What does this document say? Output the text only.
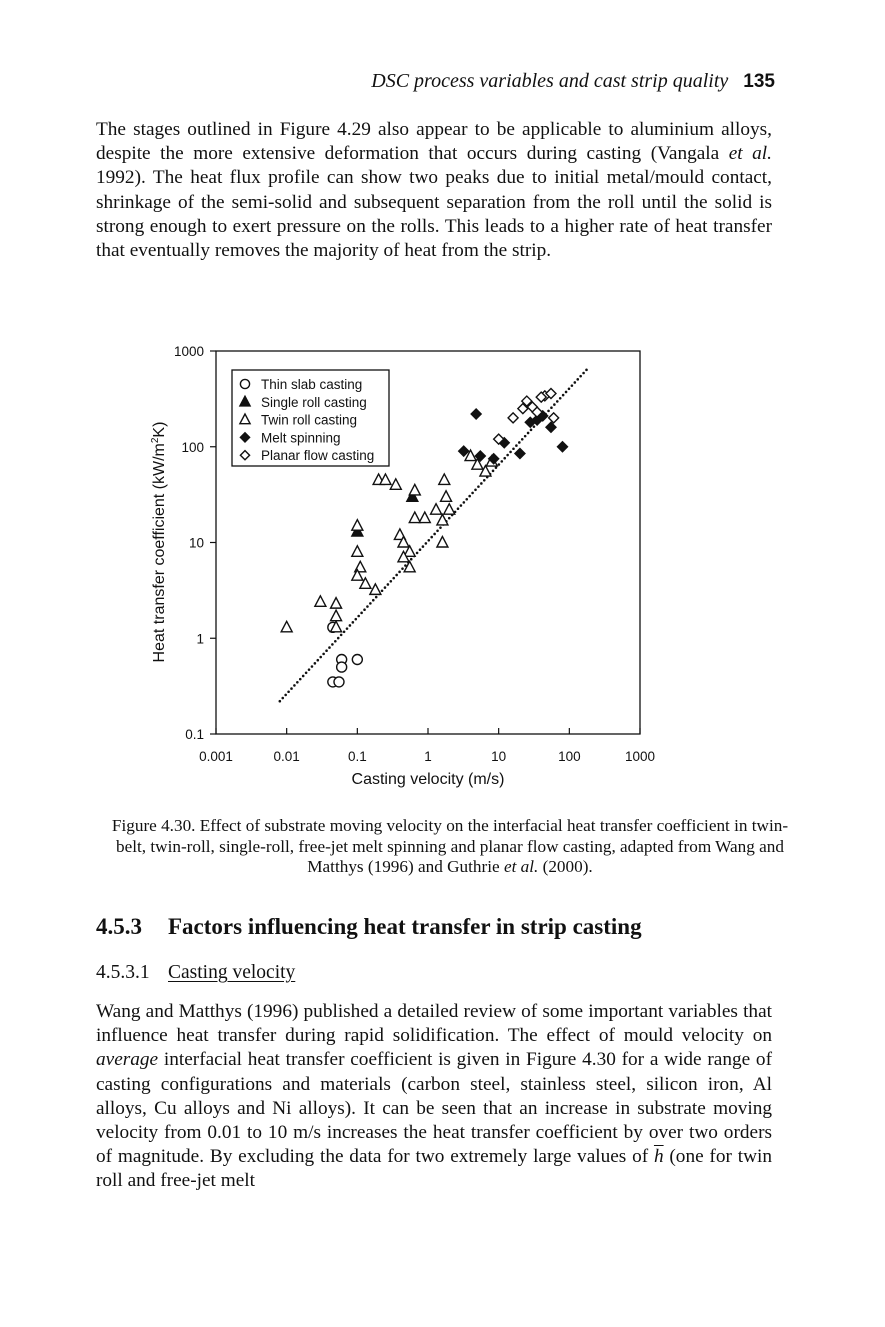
DSC process variables and cast strip quality 135
The stages outlined in Figure 4.29 also appear to be applicable to aluminium alloys, despite the more extensive deformation that occurs during casting (Vangala et al. 1992). The heat flux profile can show two peaks due to initial metal/mould contact, shrinkage of the semi-solid and subsequent separation from the roll until the solid is strong enough to exert pressure on the rolls. This leads to a higher rate of heat transfer that eventually removes the majority of heat from the strip.
0.1
1
10
100
1000
0.001	0.01	0.1	1	10	100	1000
Casting velocity (m/s)
Heat transfer coefficient $(kW/m^2K)$
Thin slab casting
Single roll casting
Twin roll casting
Melt spinning
Planar flow casting
Figure 4.30. Effect of substrate moving velocity on the interfacial heat transfer coefficient in twin-belt, twin-roll, single-roll, free-jet melt spinning and planar flow casting, adapted from Wang and Matthys (1996) and Guthrie et al. (2000).
4.5.3 Factors influencing heat transfer in strip casting
4.5.3.1 Casting velocity
Wang and Matthys (1996) published a detailed review of some important variables that influence heat transfer during rapid solidification. The effect of mould velocity on average interfacial heat transfer coefficient is given in Figure 4.30 for a wide range of casting configurations and materials (carbon steel, stainless steel, silicon iron, Al alloys, Cu alloys and Ni alloys). It can be seen that an increase in substrate moving velocity from 0.01 to 10 m/s increases the heat transfer coefficient by over two orders of magnitude. By excluding the data for two extremely large values of $\overline{h}$ (one for twin roll and free-jet melt
